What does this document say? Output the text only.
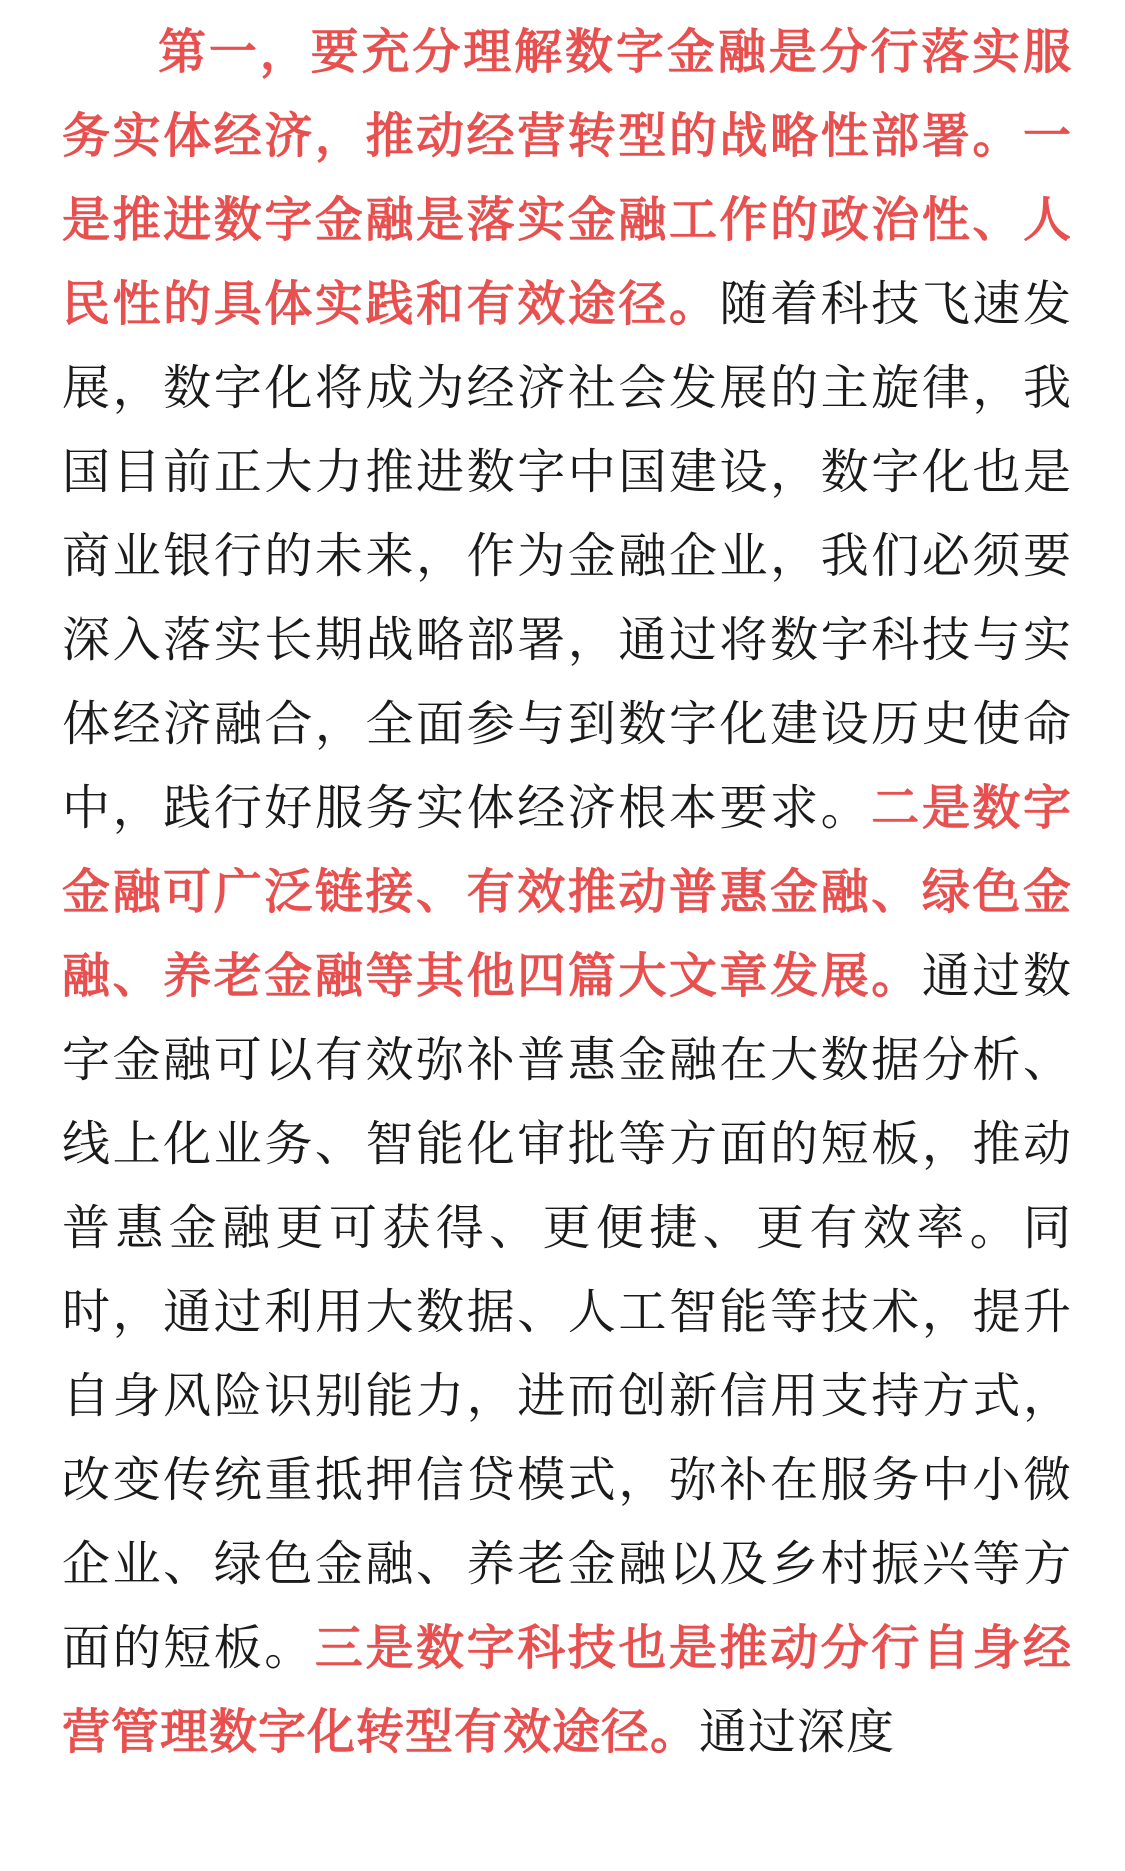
第一，要充分理解数字金融是分行落实服务实体经济，推动经营转型的战略性部署。一是推进数字金融是落实金融工作的政治性、人民性的具体实践和有效途径。随着科技飞速发展，数字化将成为经济社会发展的主旋律，我国目前正大力推进数字中国建设，数字化也是商业银行的未来，作为金融企业，我们必须要深入落实长期战略部署，通过将数字科技与实体经济融合，全面参与到数字化建设历史使命中，践行好服务实体经济根本要求。二是数字金融可广泛链接、有效推动普惠金融、绿色金融、养老金融等其他四篇大文章发展。通过数字金融可以有效弥补普惠金融在大数据分析、线上化业务、智能化审批等方面的短板，推动普惠金融更可获得、更便捷、更有效率。同时，通过利用大数据、人工智能等技术，提升自身风险识别能力，进而创新信用支持方式，改变传统重抵押信贷模式，弥补在服务中小微企业、绿色金融、养老金融以及乡村振兴等方面的短板。三是数字科技也是推动分行自身经营管理数字化转型有效途径。通过深度
